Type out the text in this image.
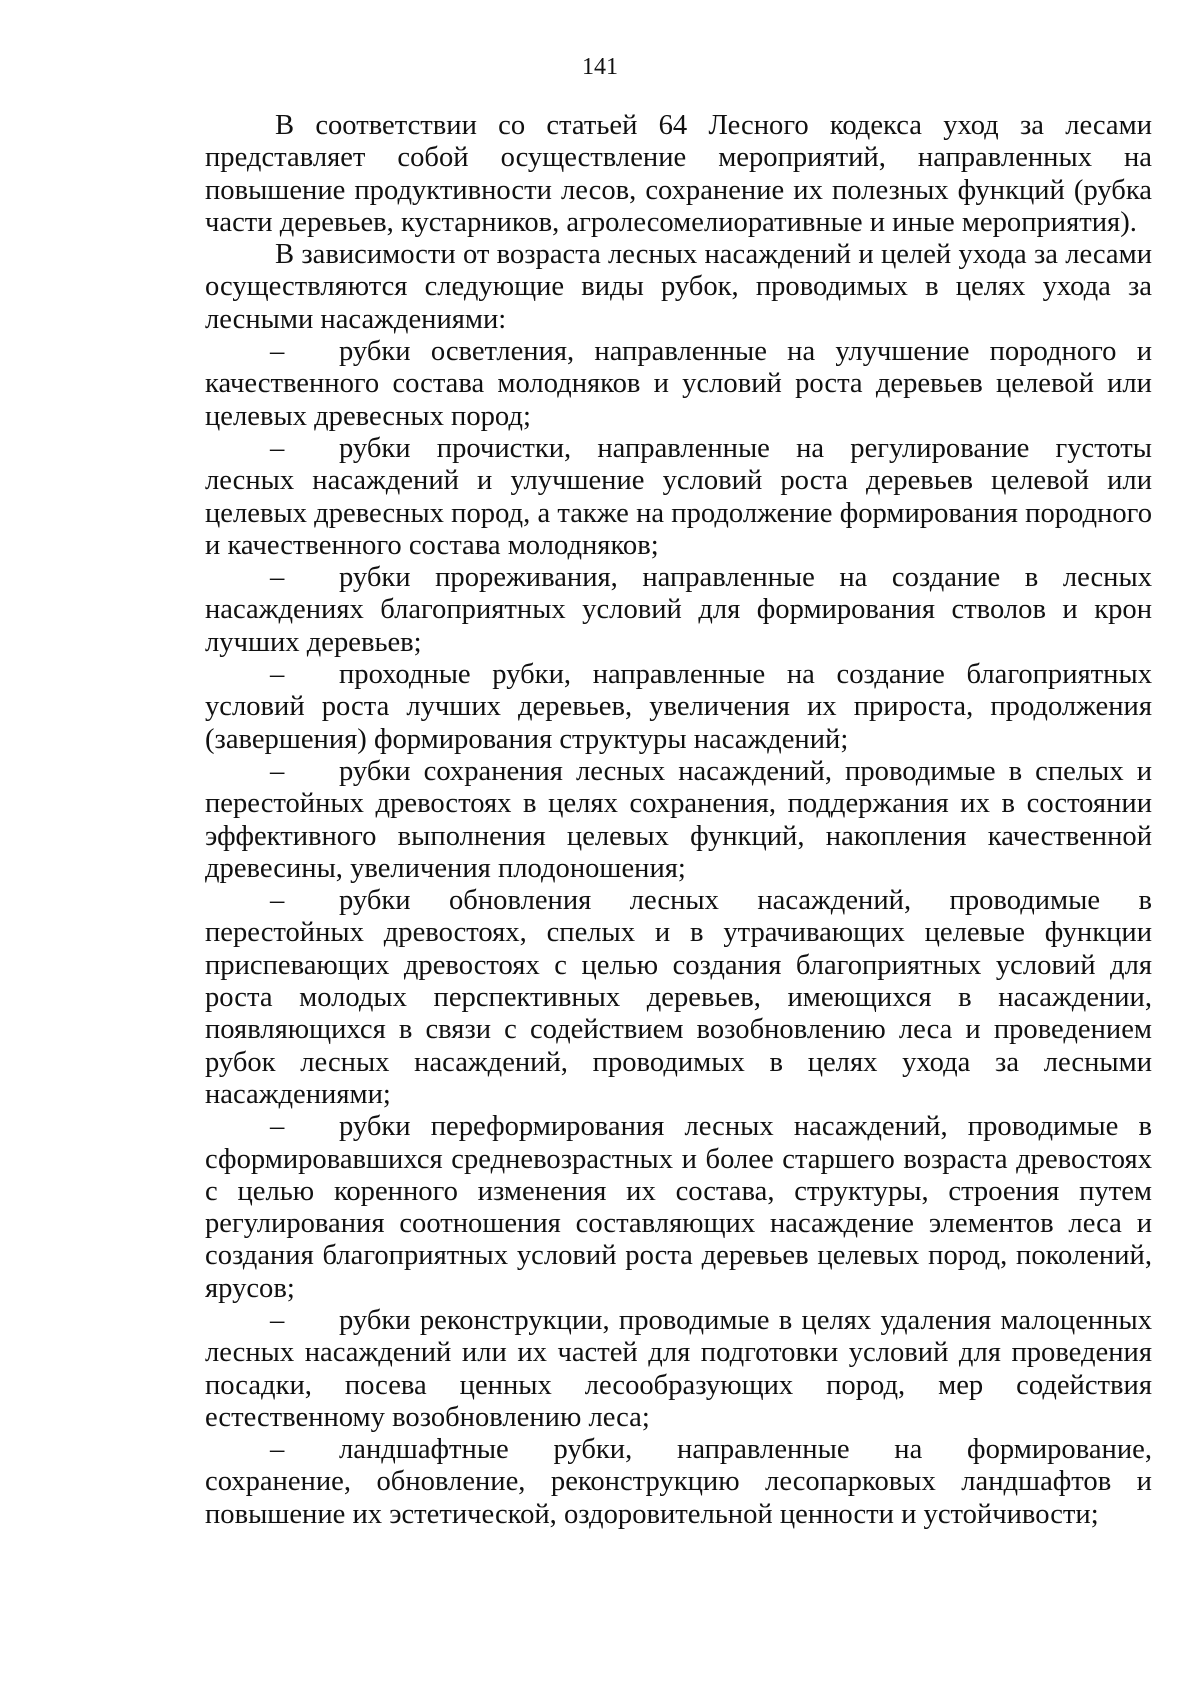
141

В соответствии со статьей 64 Лесного кодекса уход за лесами представляет собой осуществление мероприятий, направленных на повышение продуктивности лесов, сохранение их полезных функций (рубка части деревьев, кустарников, агролесомелиоративные и иные мероприятия).

В зависимости от возраста лесных насаждений и целей ухода за лесами осуществляются следующие виды рубок, проводимых в целях ухода за лесными насаждениями:

– рубки осветления, направленные на улучшение породного и качественного состава молодняков и условий роста деревьев целевой или целевых древесных пород;

– рубки прочистки, направленные на регулирование густоты лесных насаждений и улучшение условий роста деревьев целевой или целевых древесных пород, а также на продолжение формирования породного и качественного состава молодняков;

– рубки прореживания, направленные на создание в лесных насаждениях благоприятных условий для формирования стволов и крон лучших деревьев;

– проходные рубки, направленные на создание благоприятных условий роста лучших деревьев, увеличения их прироста, продолжения (завершения) формирования структуры насаждений;

– рубки сохранения лесных насаждений, проводимые в спелых и перестойных древостоях в целях сохранения, поддержания их в состоянии эффективного выполнения целевых функций, накопления качественной древесины, увеличения плодоношения;

– рубки обновления лесных насаждений, проводимые в перестойных древостоях, спелых и в утрачивающих целевые функции приспевающих древостоях с целью создания благоприятных условий для роста молодых перспективных деревьев, имеющихся в насаждении, появляющихся в связи с содействием возобновлению леса и проведением рубок лесных насаждений, проводимых в целях ухода за лесными насаждениями;

– рубки переформирования лесных насаждений, проводимые в сформировавшихся средневозрастных и более старшего возраста древостоях с целью коренного изменения их состава, структуры, строения путем регулирования соотношения составляющих насаждение элементов леса и создания благоприятных условий роста деревьев целевых пород, поколений, ярусов;

– рубки реконструкции, проводимые в целях удаления малоценных лесных насаждений или их частей для подготовки условий для проведения посадки, посева ценных лесообразующих пород, мер содействия естественному возобновлению леса;

– ландшафтные рубки, направленные на формирование, сохранение, обновление, реконструкцию лесопарковых ландшафтов и повышение их эстетической, оздоровительной ценности и устойчивости;
